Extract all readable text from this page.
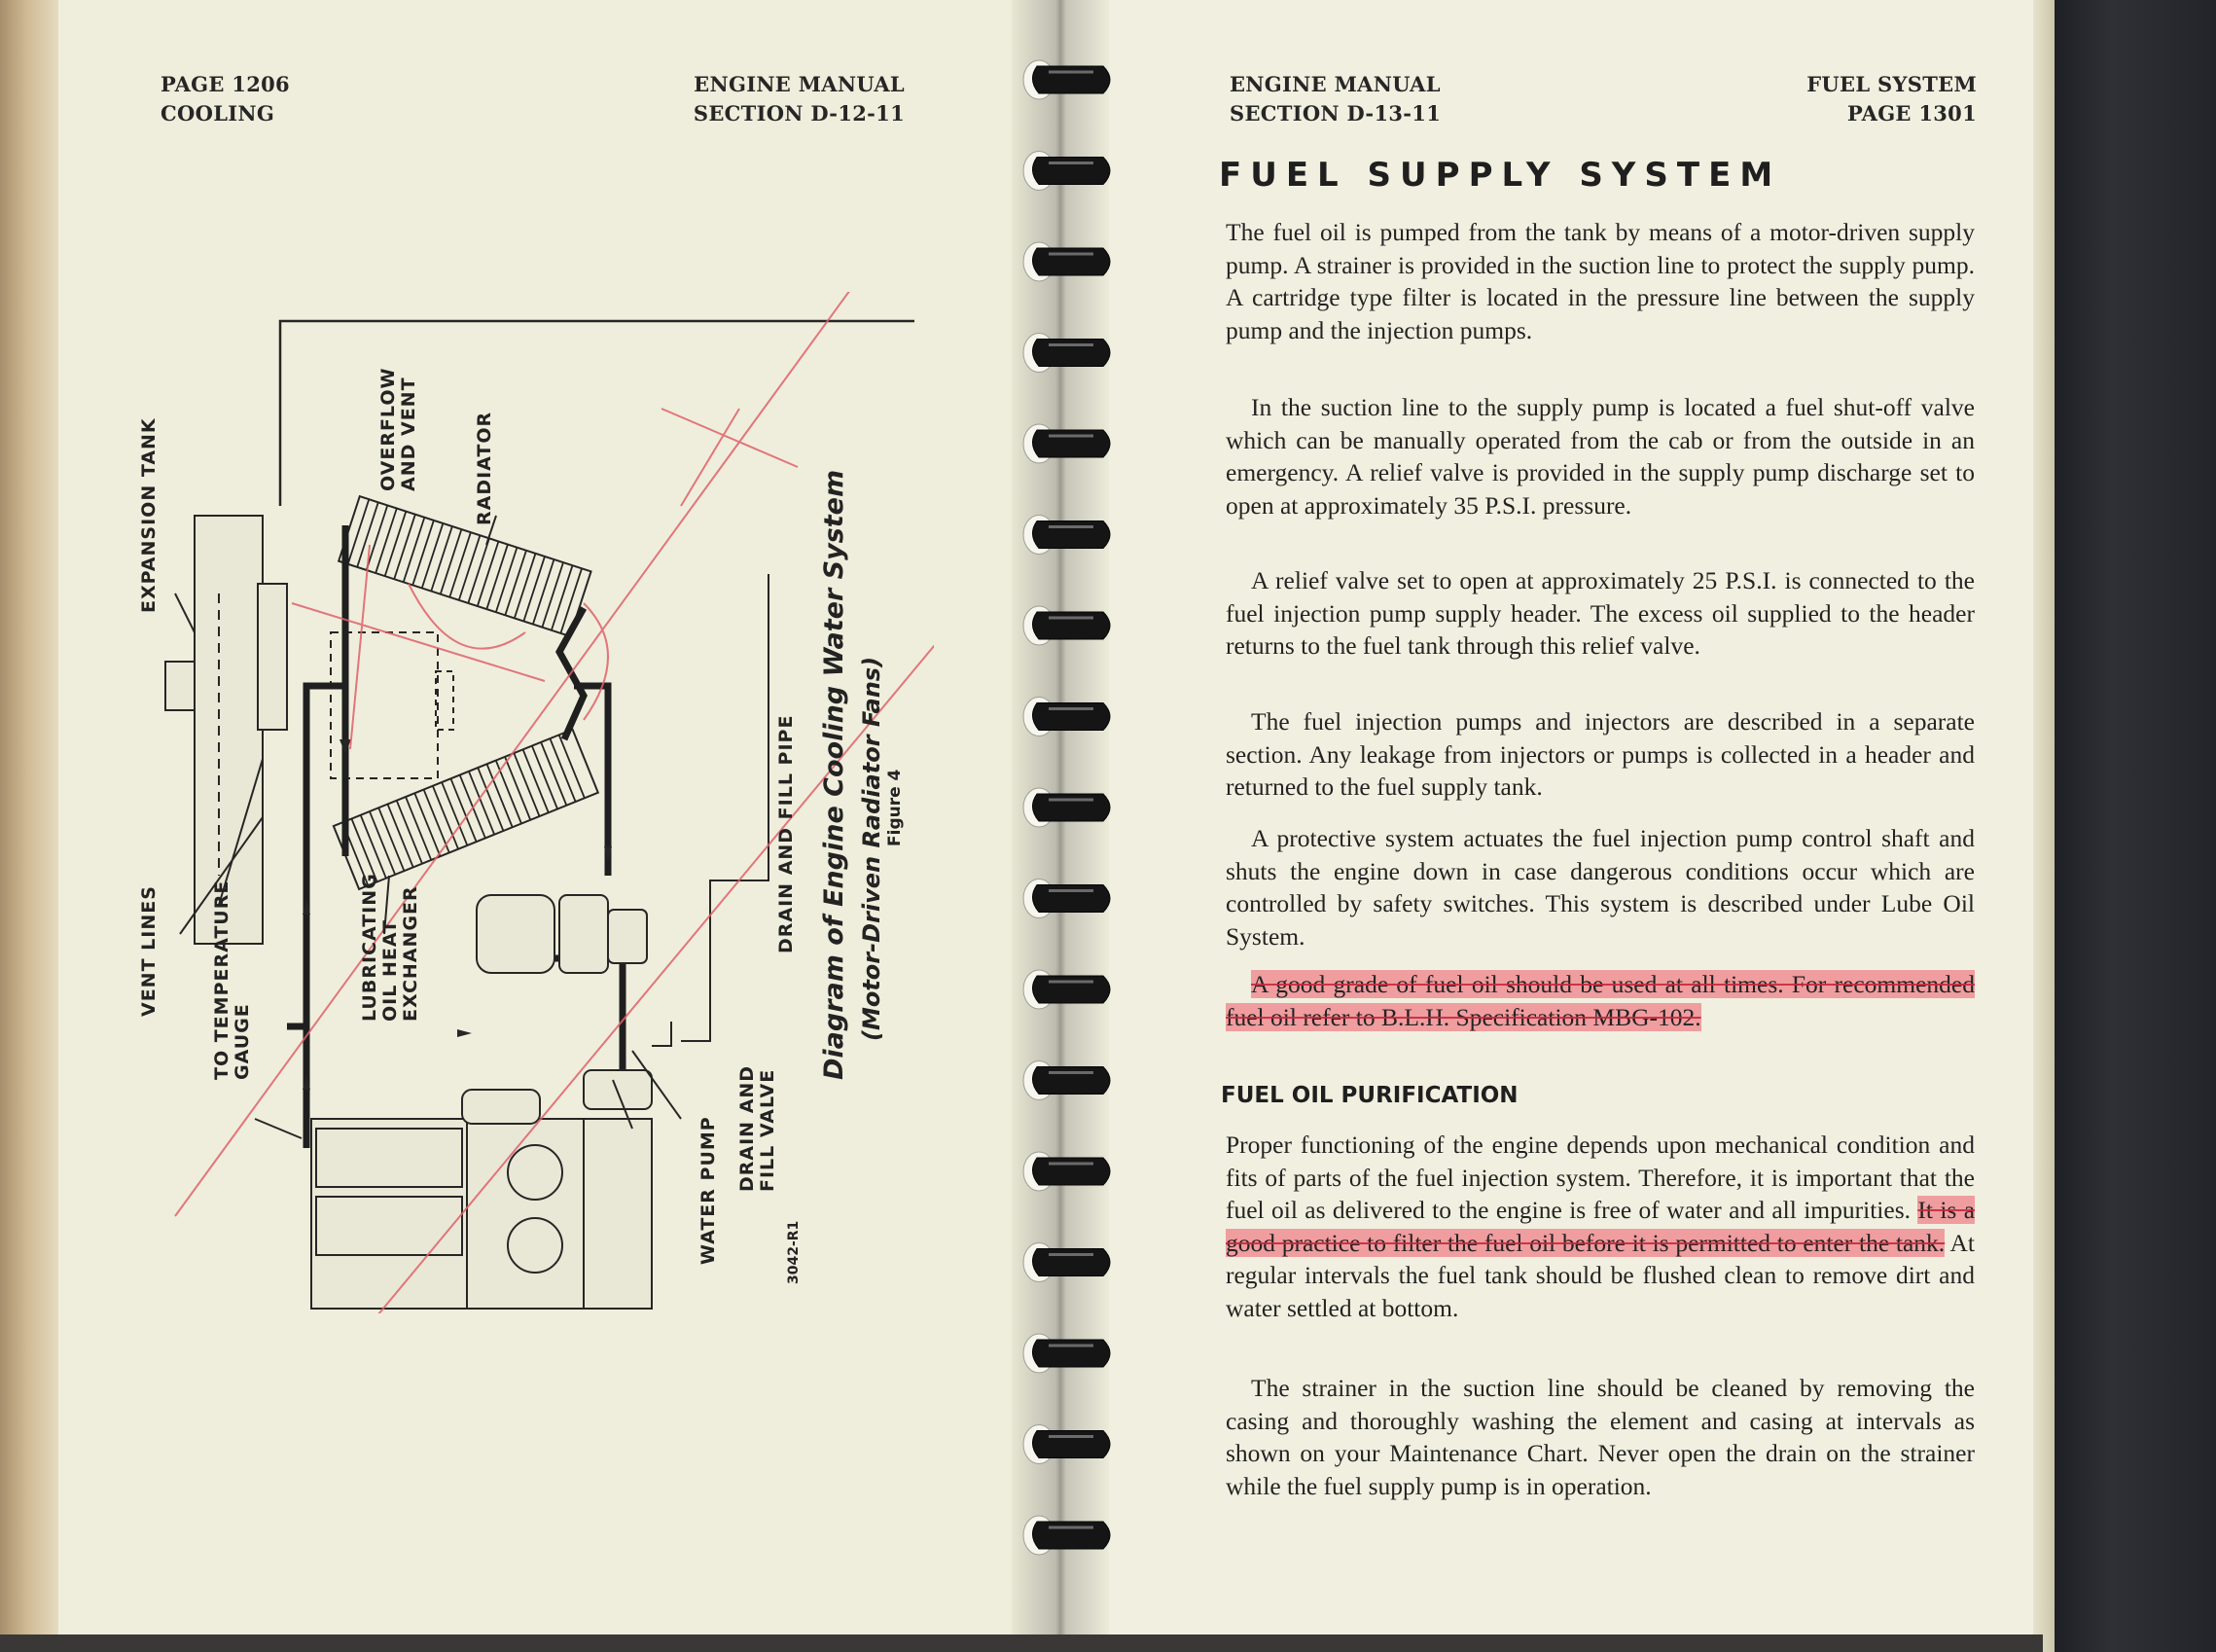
PAGE 1206
COOLING
ENGINE MANUAL
SECTION D-12-11
EXPANSION TANK	OVERFLOW
AND VENT	RADIATOR
DRAIN AND FILL PIPE
VENT LINES	TO TEMPERATURE
GAUGE
LUBRICATING
OIL HEAT
EXCHANGER
WATER PUMP DRAIN AND
FILL VALVE
Diagram of Engine Cooling Water System (Motor-Driven Radiator Fans) Figure 4
3042-R1
ENGINE MANUAL
SECTION D-13-11
FUEL SYSTEM
PAGE 1301
FUEL SUPPLY SYSTEM

The fuel oil is pumped from the tank by means of a motor-driven supply pump. A strainer is provided in the suction line to protect the supply pump. A cartridge type filter is located in the pressure line between the supply pump and the injection pumps.

In the suction line to the supply pump is located a fuel shut-off valve which can be manually operated from the cab or from the outside in an emergency. A relief valve is provided in the supply pump discharge set to open at approximately 35 P.S.I. pressure.

A relief valve set to open at approximately 25 P.S.I. is connected to the fuel injection pump supply header. The excess oil supplied to the header returns to the fuel tank through this relief valve.

The fuel injection pumps and injectors are described in a separate section. Any leakage from injectors or pumps is collected in a header and returned to the fuel supply tank.

A protective system actuates the fuel injection pump control shaft and shuts the engine down in case dangerous conditions occur which are controlled by safety switches. This system is described under Lube Oil System.

A good grade of fuel oil should be used at all times. For recommended fuel oil refer to B.L.H. Specification MBG-102.

FUEL OIL PURIFICATION

Proper functioning of the engine depends upon mechanical condition and fits of parts of the fuel injection system. Therefore, it is important that the fuel oil as delivered to the engine is free of water and all impurities. It is a good practice to filter the fuel oil before it is permitted to enter the tank. At regular intervals the fuel tank should be flushed clean to remove dirt and water settled at bottom.

The strainer in the suction line should be cleaned by removing the casing and thoroughly washing the element and casing at intervals as shown on your Maintenance Chart. Never open the drain on the strainer while the fuel supply pump is in operation.
